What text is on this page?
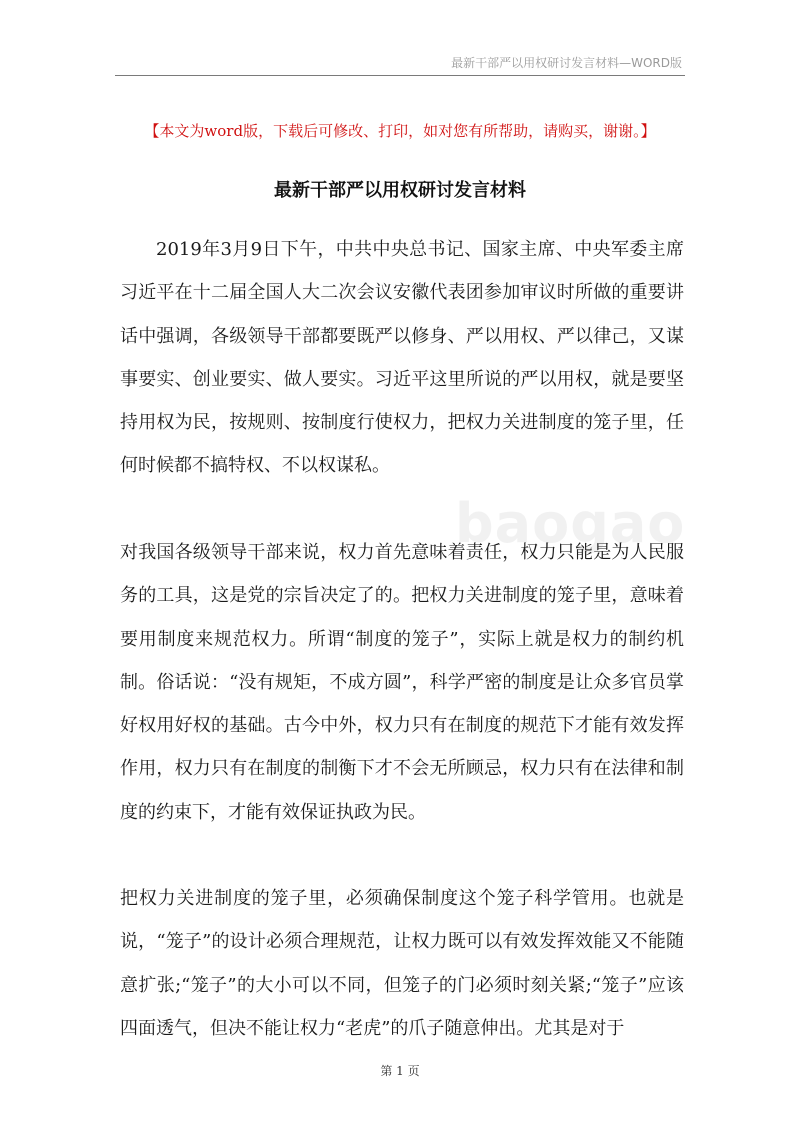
最新干部严以用权研讨发言材料—WORD版
【本文为word版，下载后可修改、打印，如对您有所帮助，请购买，谢谢。】
最新干部严以用权研讨发言材料

2019年3月9日下午，中共中央总书记、国家主席、中央军委主席习近平在十二届全国人大二次会议安徽代表团参加审议时所做的重要讲话中强调，各级领导干部都要既严以修身、严以用权、严以律己，又谋事要实、创业要实、做人要实。习近平这里所说的严以用权，就是要坚持用权为民，按规则、按制度行使权力，把权力关进制度的笼子里，任何时候都不搞特权、不以权谋私。

对我国各级领导干部来说，权力首先意味着责任，权力只能是为人民服务的工具，这是党的宗旨决定了的。把权力关进制度的笼子里，意味着要用制度来规范权力。所谓“制度的笼子”，实际上就是权力的制约机制。俗话说：“没有规矩，不成方圆”，科学严密的制度是让众多官员掌好权用好权的基础。古今中外，权力只有在制度的规范下才能有效发挥作用，权力只有在制度的制衡下才不会无所顾忌，权力只有在法律和制度的约束下，才能有效保证执政为民。

把权力关进制度的笼子里，必须确保制度这个笼子科学管用。也就是说，“笼子”的设计必须合理规范，让权力既可以有效发挥效能又不能随意扩张;“笼子”的大小可以不同，但笼子的门必须时刻关紧;“笼子”应该四面透气，但决不能让权力“老虎”的爪子随意伸出。尤其是对于

baogao
第 1 页
